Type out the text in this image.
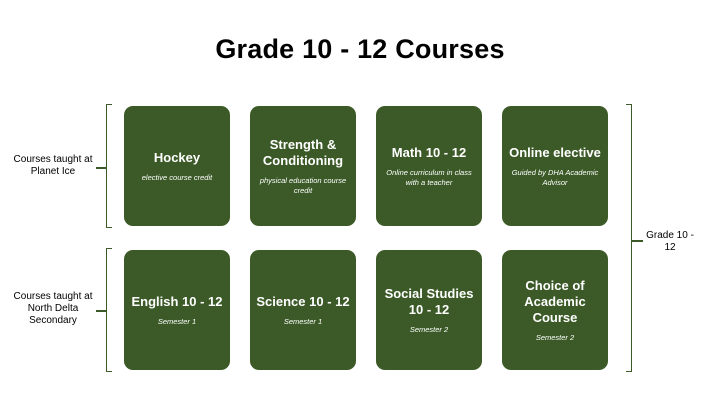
Grade 10 - 12 Courses
Courses taught at Planet Ice
Courses taught at North Delta Secondary
Hockey
elective course credit
Strength & Conditioning
physical education course credit
Math 10 - 12
Online curriculum in class with a teacher
Online elective
Guided by DHA Academic Advisor
English 10 - 12
Semester 1
Science 10 - 12
Semester 1
Social Studies 10 - 12
Semester 2
Choice of Academic Course
Semester 2
Grade 10 - 12
